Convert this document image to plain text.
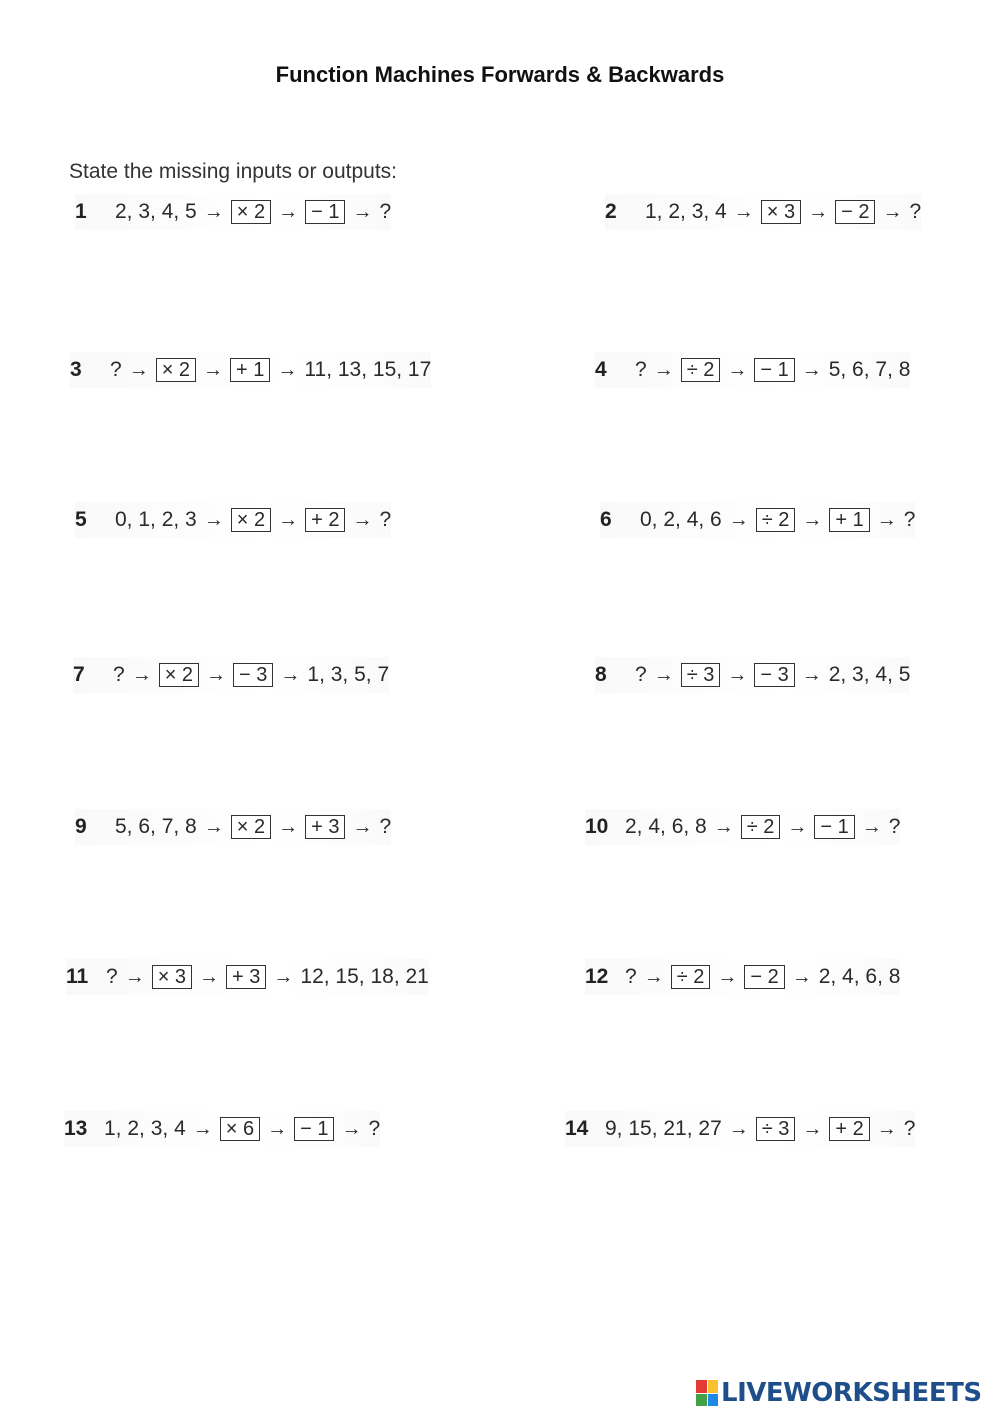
Function Machines Forwards & Backwards
State the missing inputs or outputs:
1	2, 3, 4, 5 → × 2 → − 1 → ?	2	1, 2, 3, 4 → × 3 → − 2 → ?
3	? → × 2 → + 1 → 11, 13, 15, 17	4	? → ÷ 2 → − 1 → 5, 6, 7, 8
5	0, 1, 2, 3 → × 2 → + 2 → ?	6	0, 2, 4, 6 → ÷ 2 → + 1 → ?
7	? → × 2 → − 3 → 1, 3, 5, 7	8	? → ÷ 3 → − 3 → 2, 3, 4, 5
9	5, 6, 7, 8 → × 2 → + 3 → ?	10 2, 4, 6, 8 → ÷ 2 → − 1 → ?
11 ? → × 3 → + 3 → 12, 15, 18, 21	12 ? → ÷ 2 → − 2 → 2, 4, 6, 8
13 1, 2, 3, 4 → × 6 → − 1 → ?	14 9, 15, 21, 27 → ÷ 3 → + 2 → ?
LIVEWORKSHEETS
